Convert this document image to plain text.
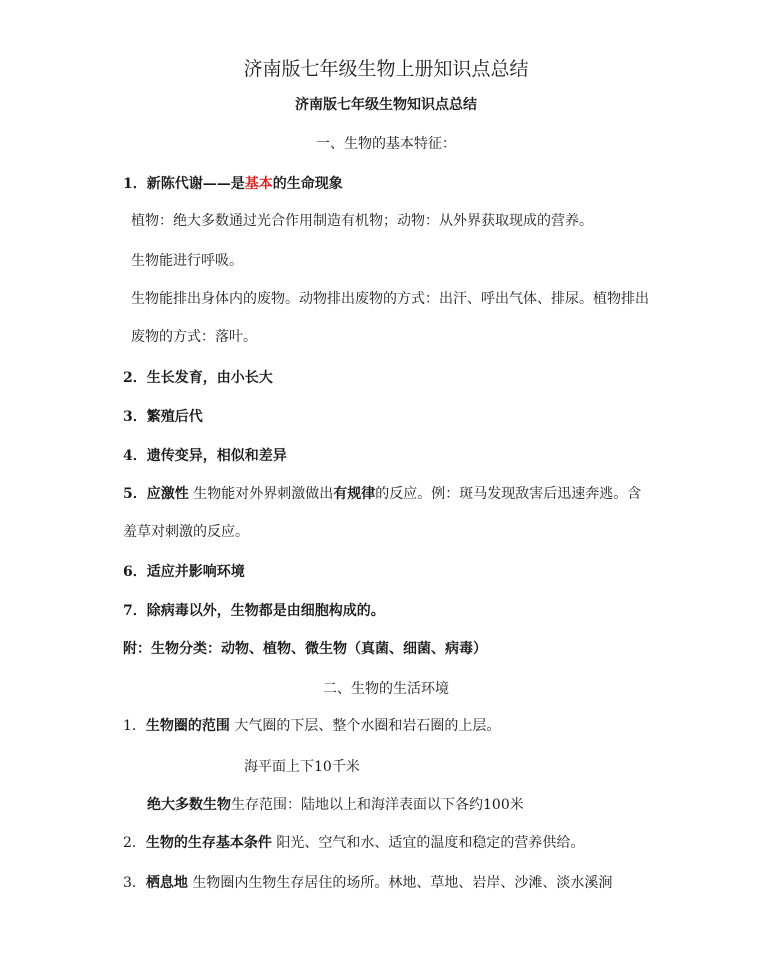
济南版七年级生物上册知识点总结
济南版七年级生物知识点总结
一、生物的基本特征：
1．新陈代谢——是基本的生命现象
植物：绝大多数通过光合作用制造有机物；动物：从外界获取现成的营养。
生物能进行呼吸。
生物能排出身体内的废物。动物排出废物的方式：出汗、呼出气体、排尿。植物排出
废物的方式：落叶。
2．生长发育，由小长大
3．繁殖后代
4．遗传变异，相似和差异
5．应激性 生物能对外界刺激做出有规律的反应。例：斑马发现敌害后迅速奔逃。含
羞草对刺激的反应。
6．适应并影响环境
7．除病毒以外，生物都是由细胞构成的。
附：生物分类：动物、植物、微生物（真菌、细菌、病毒）
二、生物的生活环境
1．生物圈的范围 大气圈的下层、整个水圈和岩石圈的上层。
海平面上下10千米
绝大多数生物生存范围：陆地以上和海洋表面以下各约100米
2．生物的生存基本条件 阳光、空气和水、适宜的温度和稳定的营养供给。
3．栖息地 生物圈内生物生存居住的场所。林地、草地、岩岸、沙滩、淡水溪涧
